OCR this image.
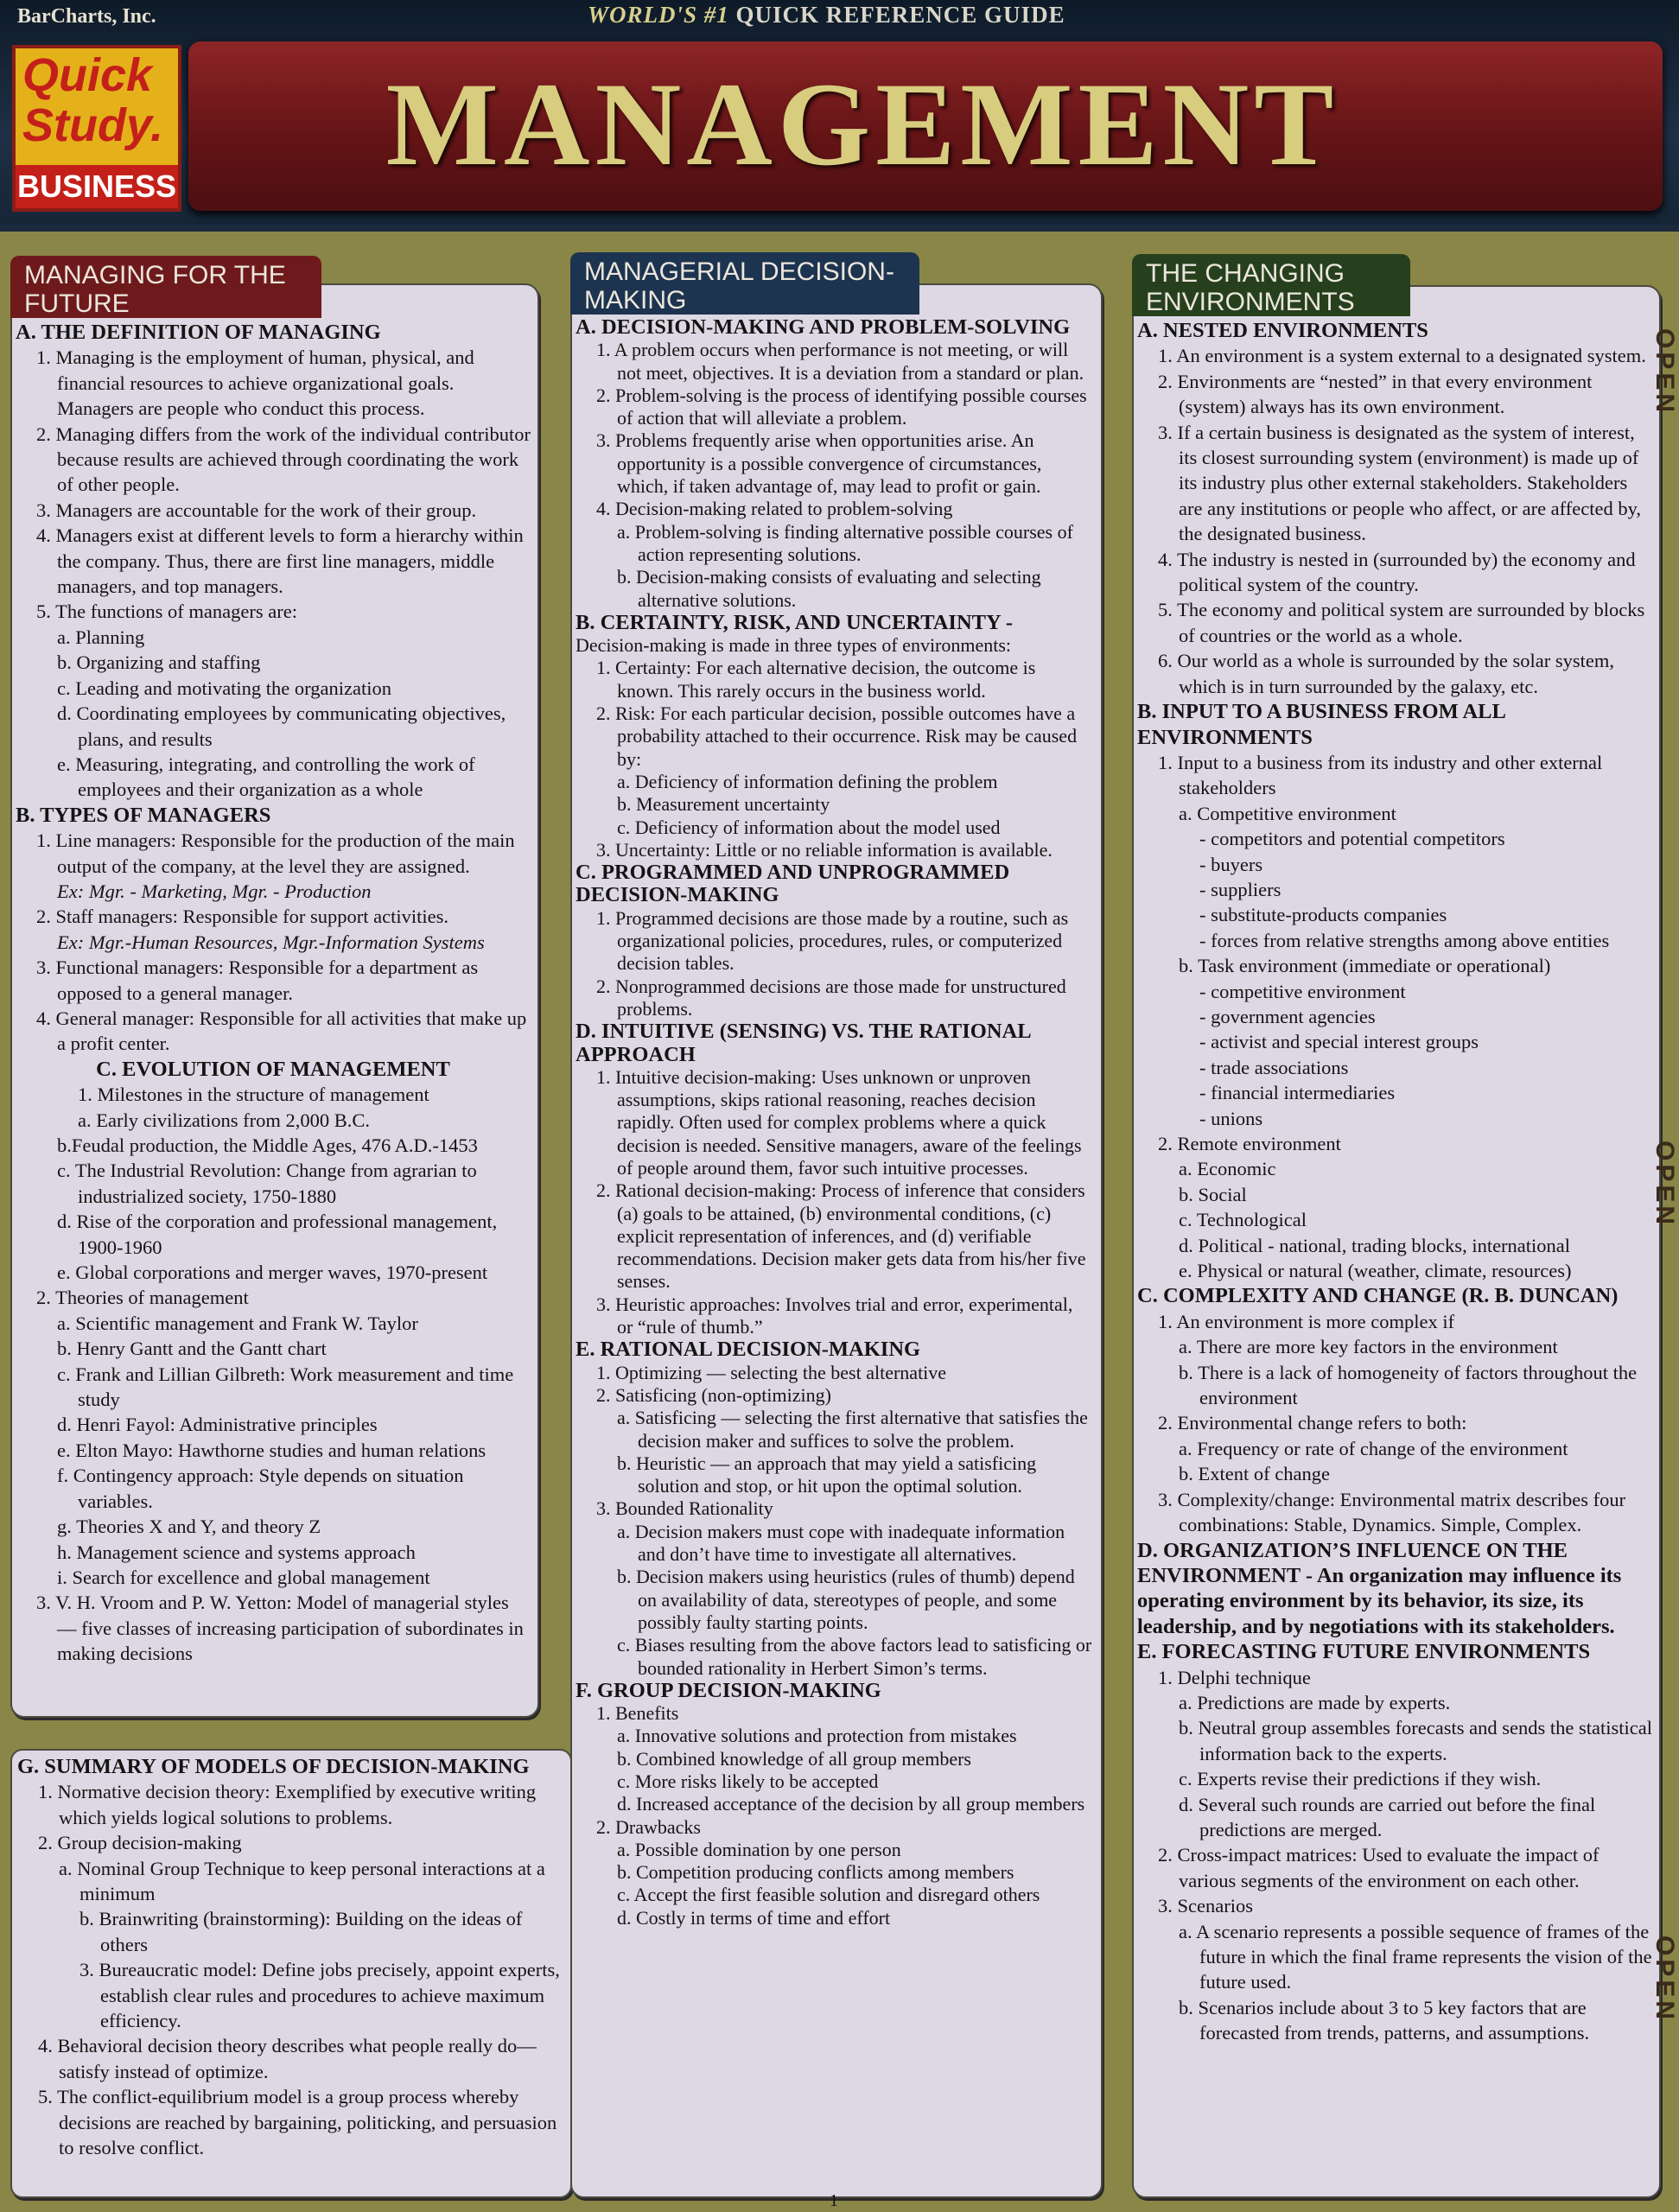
BarCharts, Inc.	WORLD'S #1 QUICK REFERENCE GUIDE
Quick
Study.
BUSINESS	MANAGEMENT
MANAGING FOR THE FUTURE
A. THE DEFINITION OF MANAGING
1. Managing is the employment of human, physical, and financial resources to achieve organizational goals. Managers are people who conduct this process.
2. Managing differs from the work of the individual contributor because results are achieved through coordinating the work of other people.
3. Managers are accountable for the work of their group.
4. Managers exist at different levels to form a hierarchy within the company. Thus, there are first line managers, middle managers, and top managers.
5. The functions of managers are:
a. Planning
b. Organizing and staffing
c. Leading and motivating the organization
d. Coordinating employees by communicating objectives, plans, and results
e. Measuring, integrating, and controlling the work of employees and their organization as a whole
B. TYPES OF MANAGERS
1. Line managers: Responsible for the production of the main output of the company, at the level they are assigned.
Ex: Mgr. - Marketing, Mgr. - Production
2. Staff managers: Responsible for support activities.
Ex: Mgr.-Human Resources, Mgr.-Information Systems
3. Functional managers: Responsible for a department as opposed to a general manager.
4. General manager: Responsible for all activities that make up a profit center.
C. EVOLUTION OF MANAGEMENT
1. Milestones in the structure of management
a. Early civilizations from 2,000 B.C.
b.Feudal production, the Middle Ages, 476 A.D.-1453
c. The Industrial Revolution: Change from agrarian to industrialized society, 1750-1880
d. Rise of the corporation and professional management, 1900-1960
e. Global corporations and merger waves, 1970-present
2. Theories of management
a. Scientific management and Frank W. Taylor
b. Henry Gantt and the Gantt chart
c. Frank and Lillian Gilbreth: Work measurement and time study
d. Henri Fayol: Administrative principles
e. Elton Mayo: Hawthorne studies and human relations
f. Contingency approach: Style depends on situation variables.
g. Theories X and Y, and theory Z
h. Management science and systems approach
i. Search for excellence and global management
3. V. H. Vroom and P. W. Yetton: Model of managerial styles — five classes of increasing participation of subordinates in making decisions
G. SUMMARY OF MODELS OF DECISION-MAKING
1. Normative decision theory: Exemplified by executive writing which yields logical solutions to problems.
2. Group decision-making
a. Nominal Group Technique to keep personal interactions at a minimum
b. Brainwriting (brainstorming): Building on the ideas of others
3. Bureaucratic model: Define jobs precisely, appoint experts, establish clear rules and procedures to achieve maximum efficiency.
4. Behavioral decision theory describes what people really do—satisfy instead of optimize.
5. The conflict-equilibrium model is a group process whereby decisions are reached by bargaining, politicking, and persuasion to resolve conflict.
MANAGERIAL DECISION-MAKING
A. DECISION-MAKING AND PROBLEM-SOLVING
1. A problem occurs when performance is not meeting, or will not meet, objectives. It is a deviation from a standard or plan.
2. Problem-solving is the process of identifying possible courses of action that will alleviate a problem.
3. Problems frequently arise when opportunities arise. An opportunity is a possible convergence of circumstances, which, if taken advantage of, may lead to profit or gain.
4. Decision-making related to problem-solving
a. Problem-solving is finding alternative possible courses of action representing solutions.
b. Decision-making consists of evaluating and selecting alternative solutions.
B. CERTAINTY, RISK, AND UNCERTAINTY -
Decision-making is made in three types of environments:
1. Certainty: For each alternative decision, the outcome is known. This rarely occurs in the business world.
2. Risk: For each particular decision, possible outcomes have a probability attached to their occurrence. Risk may be caused by:
a. Deficiency of information defining the problem
b. Measurement uncertainty
c. Deficiency of information about the model used
3. Uncertainty: Little or no reliable information is available.
C. PROGRAMMED AND UNPROGRAMMED DECISION-MAKING
1. Programmed decisions are those made by a routine, such as organizational policies, procedures, rules, or computerized decision tables.
2. Nonprogrammed decisions are those made for unstructured problems.
D. INTUITIVE (SENSING) VS. THE RATIONAL APPROACH
1. Intuitive decision-making: Uses unknown or unproven assumptions, skips rational reasoning, reaches decision rapidly. Often used for complex problems where a quick decision is needed. Sensitive managers, aware of the feelings of people around them, favor such intuitive processes.
2. Rational decision-making: Process of inference that considers (a) goals to be attained, (b) environmental conditions, (c) explicit representation of inferences, and (d) verifiable recommendations. Decision maker gets data from his/her five senses.
3. Heuristic approaches: Involves trial and error, experimental, or “rule of thumb.”
E. RATIONAL DECISION-MAKING
1. Optimizing — selecting the best alternative
2. Satisficing (non-optimizing)
a. Satisficing — selecting the first alternative that satisfies the decision maker and suffices to solve the problem.
b. Heuristic — an approach that may yield a satisficing solution and stop, or hit upon the optimal solution.
3. Bounded Rationality
a. Decision makers must cope with inadequate information and don’t have time to investigate all alternatives.
b. Decision makers using heuristics (rules of thumb) depend on availability of data, stereotypes of people, and some possibly faulty starting points.
c. Biases resulting from the above factors lead to satisficing or bounded rationality in Herbert Simon’s terms.
F. GROUP DECISION-MAKING
1. Benefits
a. Innovative solutions and protection from mistakes
b. Combined knowledge of all group members
c. More risks likely to be accepted
d. Increased acceptance of the decision by all group members
2. Drawbacks
a. Possible domination by one person
b. Competition producing conflicts among members
c. Accept the first feasible solution and disregard others
d. Costly in terms of time and effort
THE CHANGING ENVIRONMENTS
A. NESTED ENVIRONMENTS
1. An environment is a system external to a designated system.
2. Environments are “nested” in that every environment (system) always has its own environment.
3. If a certain business is designated as the system of interest, its closest surrounding system (environment) is made up of its industry plus other external stakeholders. Stakeholders are any institutions or people who affect, or are affected by, the designated business.
4. The industry is nested in (surrounded by) the economy and political system of the country.
5. The economy and political system are surrounded by blocks of countries or the world as a whole.
6. Our world as a whole is surrounded by the solar system, which is in turn surrounded by the galaxy, etc.
B. INPUT TO A BUSINESS FROM ALL ENVIRONMENTS
1. Input to a business from its industry and other external stakeholders
a. Competitive environment
- competitors and potential competitors
- buyers
- suppliers
- substitute-products companies
- forces from relative strengths among above entities
b. Task environment (immediate or operational)
- competitive environment
- government agencies
- activist and special interest groups
- trade associations
- financial intermediaries
- unions
2. Remote environment
a. Economic
b. Social
c. Technological
d. Political - national, trading blocks, international
e. Physical or natural (weather, climate, resources)
C. COMPLEXITY AND CHANGE (R. B. DUNCAN)
1. An environment is more complex if
a. There are more key factors in the environment
b. There is a lack of homogeneity of factors throughout the environment
2. Environmental change refers to both:
a. Frequency or rate of change of the environment
b. Extent of change
3. Complexity/change: Environmental matrix describes four combinations: Stable, Dynamics. Simple, Complex.
D. ORGANIZATION’S INFLUENCE ON THE ENVIRONMENT - An organization may influence its operating environment by its behavior, its size, its leadership, and by negotiations with its stakeholders.
E. FORECASTING FUTURE ENVIRONMENTS
1. Delphi technique
a. Predictions are made by experts.
b. Neutral group assembles forecasts and sends the statistical information back to the experts.
c. Experts revise their predictions if they wish.
d. Several such rounds are carried out before the final predictions are merged.
2. Cross-impact matrices: Used to evaluate the impact of various segments of the environment on each other.
3. Scenarios
a. A scenario represents a possible sequence of frames of the future in which the final frame represents the vision of the future used.
b. Scenarios include about 3 to 5 key factors that are forecasted from trends, patterns, and assumptions.
OPEN
OPEN
OPEN
1
